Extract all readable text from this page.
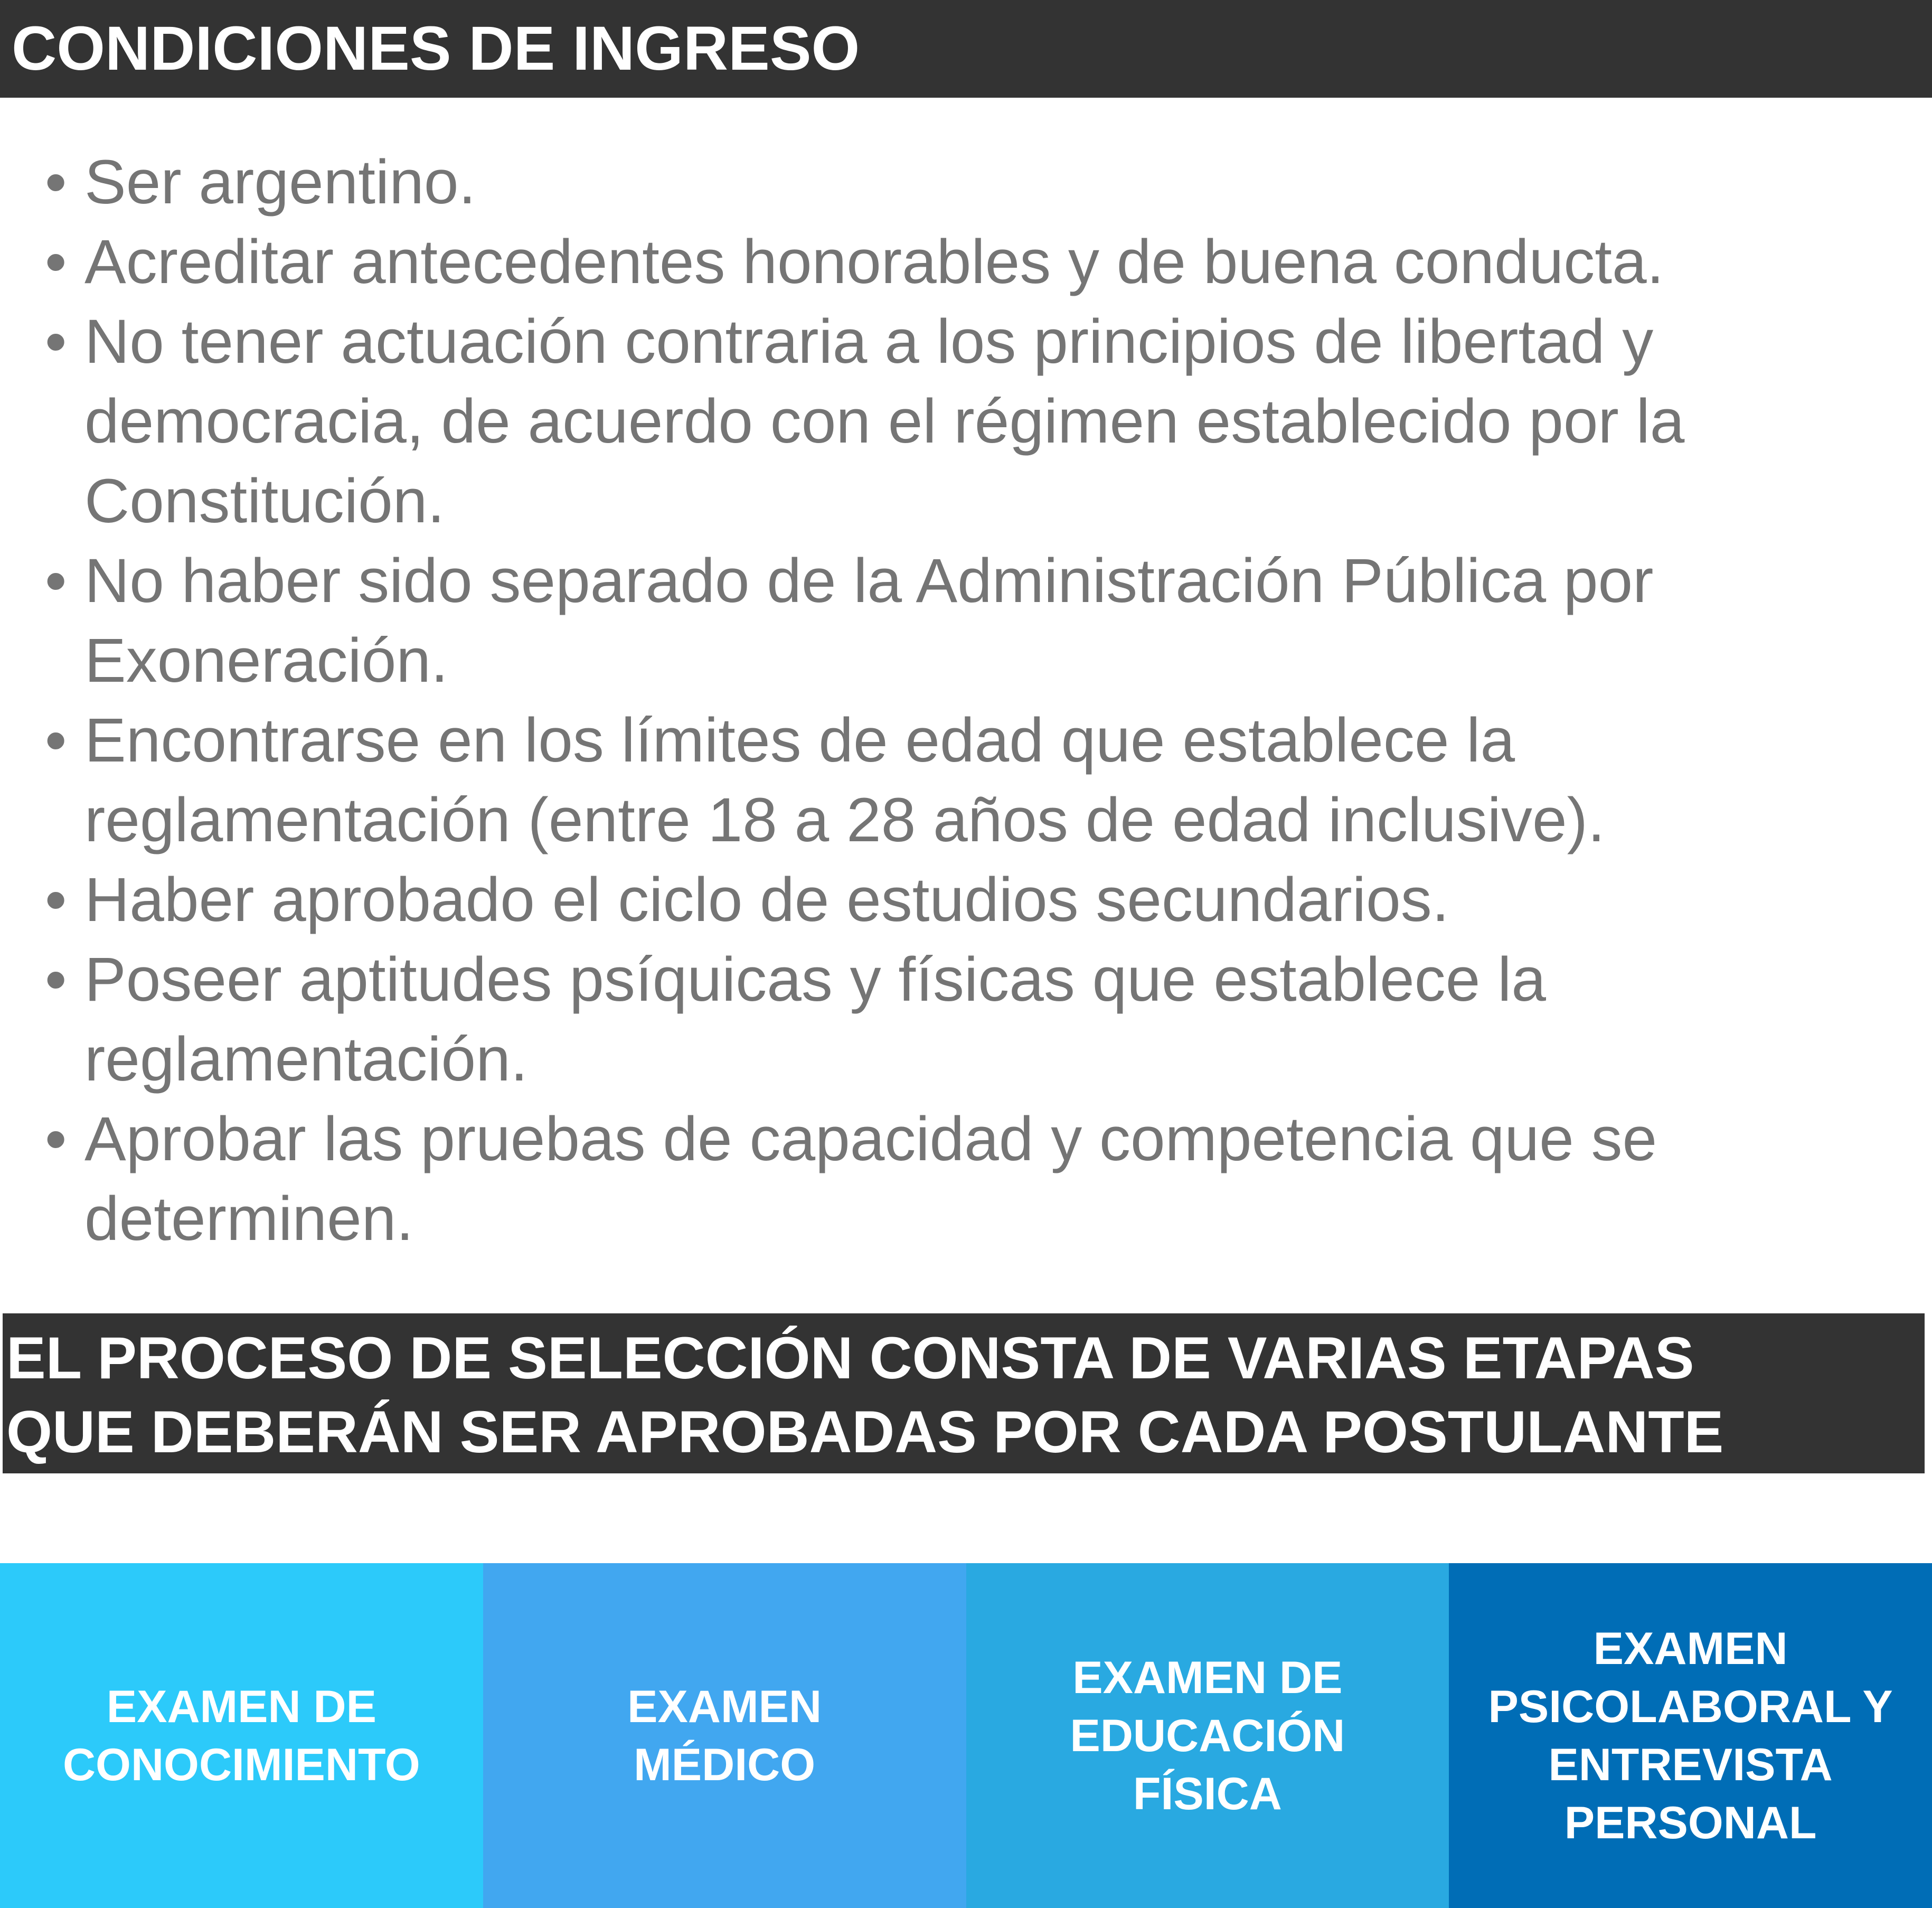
CONDICIONES DE INGRESO
• Ser argentino.
• Acreditar antecedentes honorables y de buena conducta.
• No tener actuación contraria a los principios de libertad y
democracia, de acuerdo con el régimen establecido por la
Constitución.
• No haber sido separado de la Administración Pública por
Exoneración.
• Encontrarse en los límites de edad que establece la
reglamentación (entre 18 a 28 años de edad inclusive).
• Haber aprobado el ciclo de estudios secundarios.
• Poseer aptitudes psíquicas y físicas que establece la
reglamentación.
• Aprobar las pruebas de capacidad y competencia que se
determinen.
EL PROCESO DE SELECCIÓN CONSTA DE VARIAS ETAPAS
QUE DEBERÁN SER APROBADAS POR CADA POSTULANTE
EXAMEN DE
CONOCIMIENTO
EXAMEN
MÉDICO
EXAMEN DE
EDUCACIÓN
FÍSICA
EXAMEN
PSICOLABORAL Y
ENTREVISTA
PERSONAL
